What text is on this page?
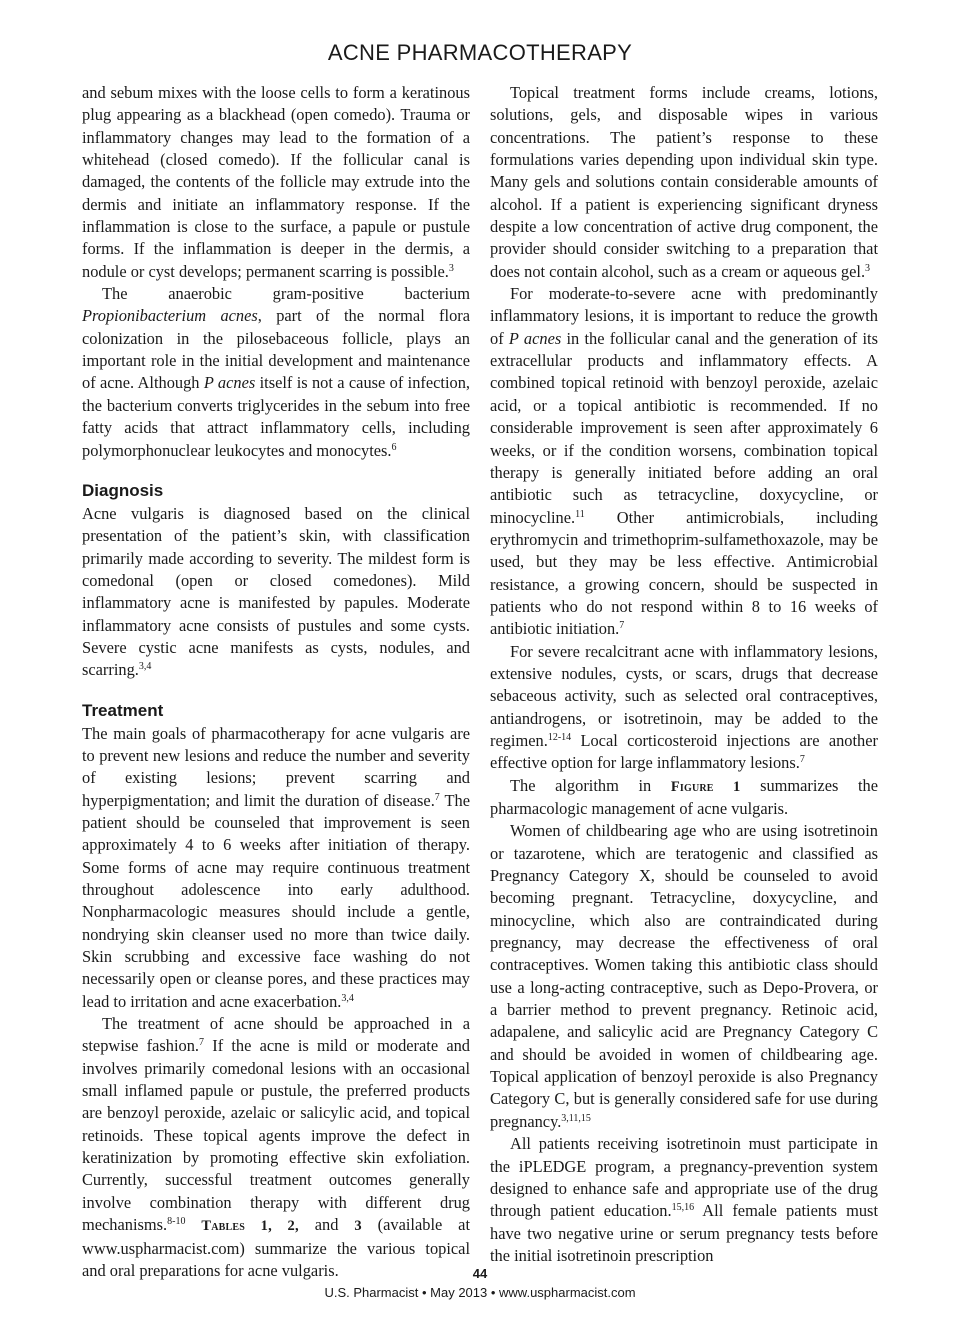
ACNE PHARMACOTHERAPY

and sebum mixes with the loose cells to form a keratinous plug appearing as a blackhead (open comedo). Trauma or inflammatory changes may lead to the formation of a whitehead (closed comedo). If the follicular canal is damaged, the contents of the follicle may extrude into the dermis and initiate an inflammatory response. If the inflammation is close to the surface, a papule or pustule forms. If the inflammation is deeper in the dermis, a nodule or cyst develops; permanent scarring is possible.$^3$

The anaerobic gram-positive bacterium Propionibacterium acnes, part of the normal flora colonization in the pilosebaceous follicle, plays an important role in the initial development and maintenance of acne. Although P acnes itself is not a cause of infection, the bacterium converts triglycerides in the sebum into free fatty acids that attract inflammatory cells, including polymorphonuclear leukocytes and monocytes.$^6$

Diagnosis

Acne vulgaris is diagnosed based on the clinical presentation of the patient’s skin, with classification primarily made according to severity. The mildest form is comedonal (open or closed comedones). Mild inflammatory acne is manifested by papules. Moderate inflammatory acne consists of pustules and some cysts. Severe cystic acne manifests as cysts, nodules, and scarring.$^{3,4}$

Treatment

The main goals of pharmacotherapy for acne vulgaris are to prevent new lesions and reduce the number and severity of existing lesions; prevent scarring and hyperpigmentation; and limit the duration of disease.$^7$ The patient should be counseled that improvement is seen approximately 4 to 6 weeks after initiation of therapy. Some forms of acne may require continuous treatment throughout adolescence into early adulthood. Nonpharmacologic measures should include a gentle, nondrying skin cleanser used no more than twice daily. Skin scrubbing and excessive face washing do not necessarily open or cleanse pores, and these practices may lead to irritation and acne exacerbation.$^{3,4}$

The treatment of acne should be approached in a stepwise fashion.$^7$ If the acne is mild or moderate and involves primarily comedonal lesions with an occasional small inflamed papule or pustule, the preferred products are benzoyl peroxide, azelaic or salicylic acid, and topical retinoids. These topical agents improve the defect in keratinization by promoting effective skin exfoliation. Currently, successful treatment outcomes generally involve combination therapy with different drug mechanisms.$^{8-10}$ Tables 1, 2, and 3 (available at www.uspharmacist.com) summarize the various topical and oral preparations for acne vulgaris.

Topical treatment forms include creams, lotions, solutions, gels, and disposable wipes in various concentrations. The patient’s response to these formulations varies depending upon individual skin type. Many gels and solutions contain considerable amounts of alcohol. If a patient is experiencing significant dryness despite a low concentration of active drug component, the provider should consider switching to a preparation that does not contain alcohol, such as a cream or aqueous gel.$^3$

For moderate-to-severe acne with predominantly inflammatory lesions, it is important to reduce the growth of P acnes in the follicular canal and the generation of its extracellular products and inflammatory effects. A combined topical retinoid with benzoyl peroxide, azelaic acid, or a topical antibiotic is recommended. If no considerable improvement is seen after approximately 6 weeks, or if the condition worsens, combination topical therapy is generally initiated before adding an oral antibiotic such as tetracycline, doxycycline, or minocycline.$^{11}$ Other antimicrobials, including erythromycin and trimethoprim-sulfamethoxazole, may be used, but they may be less effective. Antimicrobial resistance, a growing concern, should be suspected in patients who do not respond within 8 to 16 weeks of antibiotic initiation.$^7$

For severe recalcitrant acne with inflammatory lesions, extensive nodules, cysts, or scars, drugs that decrease sebaceous activity, such as selected oral contraceptives, antiandrogens, or isotretinoin, may be added to the regimen.$^{12-14}$ Local corticosteroid injections are another effective option for large inflammatory lesions.$^7$

The algorithm in Figure 1 summarizes the pharmacologic management of acne vulgaris.

Women of childbearing age who are using isotretinoin or tazarotene, which are teratogenic and classified as Pregnancy Category X, should be counseled to avoid becoming pregnant. Tetracycline, doxycycline, and minocycline, which also are contraindicated during pregnancy, may decrease the effectiveness of oral contraceptives. Women taking this antibiotic class should use a long-acting contraceptive, such as Depo-Provera, or a barrier method to prevent pregnancy. Retinoic acid, adapalene, and salicylic acid are Pregnancy Category C and should be avoided in women of childbearing age. Topical application of benzoyl peroxide is also Pregnancy Category C, but is generally considered safe for use during pregnancy.$^{3,11,15}$

All patients receiving isotretinoin must participate in the iPLEDGE program, a pregnancy-prevention system designed to enhance safe and appropriate use of the drug through patient education.$^{15,16}$ All female patients must have two negative urine or serum pregnancy tests before the initial isotretinoin prescription

44
U.S. Pharmacist • May 2013 • www.uspharmacist.com
